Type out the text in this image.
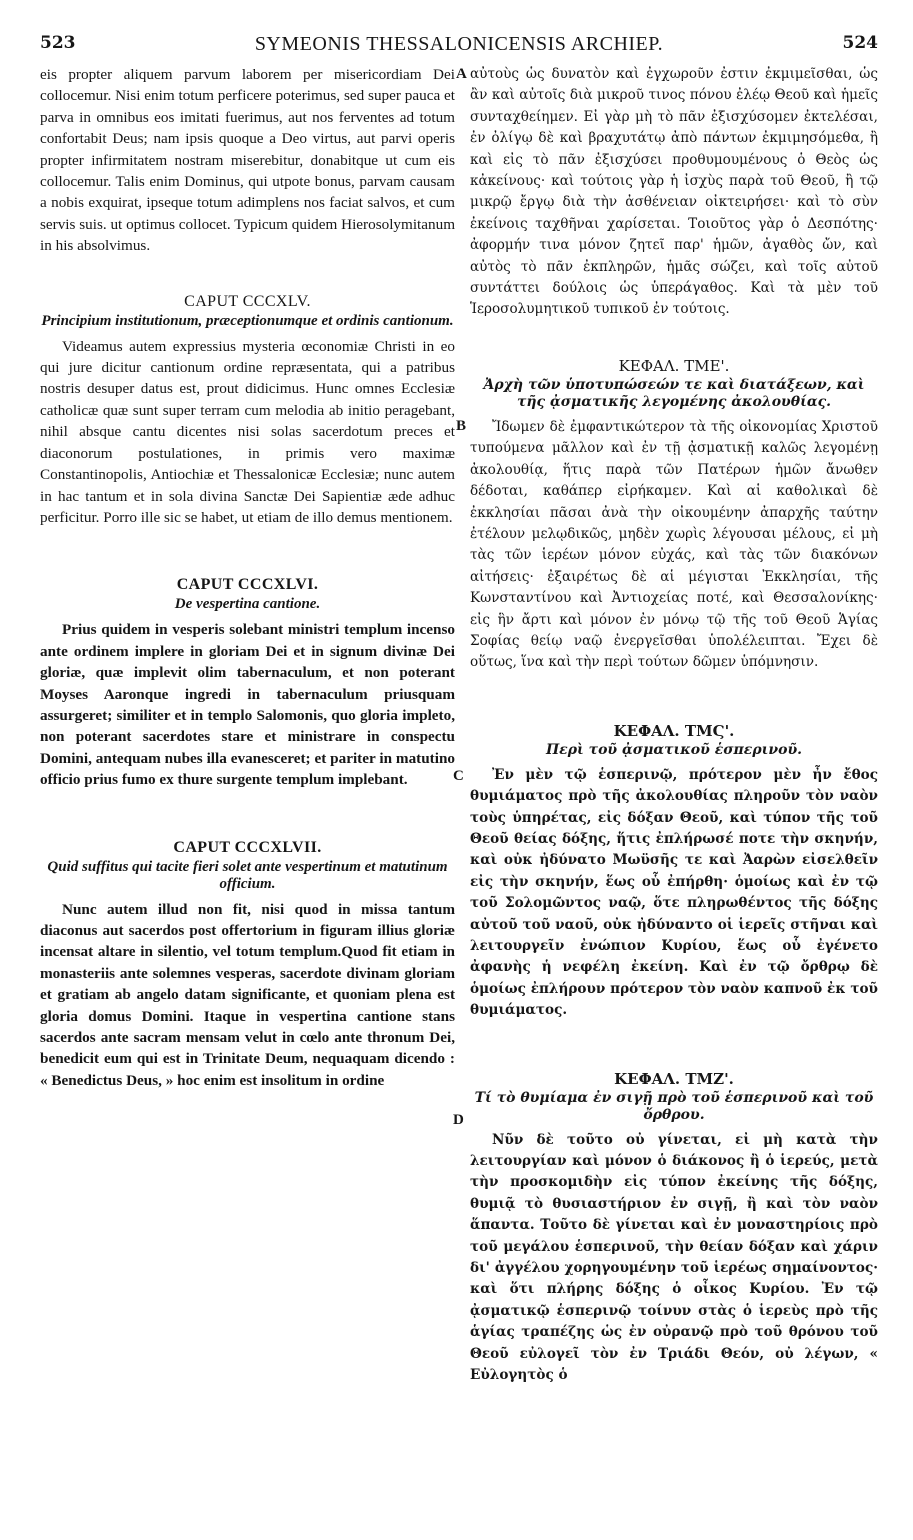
523	SYMEONIS THESSALONICENSIS ARCHIEP.	524
A
B
C
D

eis propter aliquem parvum laborem per misericordiam Dei collocemur. Nisi enim totum perficere poterimus, sed super pauca et parva in omnibus eos imitati fuerimus, aut nos ferventes ad totum confortabit Deus; nam ipsis quoque a Deo virtus, aut parvi operis propter infirmitatem nostram miserebitur, donabitque ut cum eis collocemur. Talis enim Dominus, qui utpote bonus, parvam causam a nobis exquirat, ipseque totum adimplens nos faciat salvos, et cum servis suis. ut optimus collocet. Typicum quidem Hierosolymitanum in his absolvimus.

CAPUT CCCXLV.
Principium institutionum, præceptionumque et ordinis cantionum.

Videamus autem expressius mysteria œconomiæ Christi in eo qui jure dicitur cantionum ordine repræsentata, qui a patribus nostris desuper datus est, prout didicimus. Hunc omnes Ecclesiæ catholicæ quæ sunt super terram cum melodia ab initio peragebant, nihil absque cantu dicentes nisi solas sacerdotum preces et diaconorum postulationes, in primis vero maximæ Constantinopolis, Antiochiæ et Thessalonicæ Ecclesiæ; nunc autem in hac tantum et in sola divina Sanctæ Dei Sapientiæ æde adhuc perficitur. Porro ille sic se habet, ut etiam de illo demus mentionem.

CAPUT CCCXLVI.
De vespertina cantione.

Prius quidem in vesperis solebant ministri templum incenso ante ordinem implere in gloriam Dei et in signum divinæ Dei gloriæ, quæ implevit olim tabernaculum, et non poterant Moyses Aaronque ingredi in tabernaculum priusquam assurgeret; similiter et in templo Salomonis, quo gloria impleto, non poterant sacerdotes stare et ministrare in conspectu Domini, antequam nubes illa evanesceret; et pariter in matutino officio prius fumo ex thure surgente templum implebant.

CAPUT CCCXLVII.
Quid suffitus qui tacite fieri solet ante vespertinum et matutinum officium.

Nunc autem illud non fit, nisi quod in missa tantum diaconus aut sacerdos post offertorium in figuram illius gloriæ incensat altare in silentio, vel totum templum.Quod fit etiam in monasteriis ante solemnes vesperas, sacerdote divinam gloriam et gratiam ab angelo datam significante, et quoniam plena est gloria domus Domini. Itaque in vespertina cantione stans sacerdos ante sacram mensam velut in cœlo ante thronum Dei, benedicit eum qui est in Trinitate Deum, nequaquam dicendo : « Benedictus Deus, » hoc enim est insolitum in ordine

αὐτοὺς ὡς δυνατὸν καὶ ἐγχωροῦν ἐστιν ἐκμιμεῖσθαι, ὡς ἂν καὶ αὐτοῖς διὰ μικροῦ τινος πόνου ἐλέῳ Θεοῦ καὶ ἡμεῖς συνταχθείημεν. Εἰ γὰρ μὴ τὸ πᾶν ἐξισχύσομεν ἐκτελέσαι, ἐν ὀλίγῳ δὲ καὶ βραχυτάτῳ ἀπὸ πάντων ἐκμιμησόμεθα, ἢ καὶ εἰς τὸ πᾶν ἐξισχύσει προθυμουμένους ὁ Θεὸς ὡς κἀκείνους· καὶ τούτοις γὰρ ἡ ἰσχὺς παρὰ τοῦ Θεοῦ, ἢ τῷ μικρῷ ἔργῳ διὰ τὴν ἀσθένειαν οἰκτειρήσει· καὶ τὸ σὺν ἐκείνοις ταχθῆναι χαρίσεται. Τοιοῦτος γὰρ ὁ Δεσπότης· ἀφορμήν τινα μόνον ζητεῖ παρ' ἡμῶν, ἀγαθὸς ὤν, καὶ αὐτὸς τὸ πᾶν ἐκπληρῶν, ἡμᾶς σώζει, καὶ τοῖς αὐτοῦ συντάττει δούλοις ὡς ὑπεράγαθος. Καὶ τὰ μὲν τοῦ Ἱεροσολυμητικοῦ τυπικοῦ ἐν τούτοις.

ΚΕΦΑΛ. ΤΜΕ'.
Ἀρχὴ τῶν ὑποτυπώσεών τε καὶ διατάξεων, καὶ τῆς ᾀσματικῆς λεγομένης ἀκολουθίας.

Ἴδωμεν δὲ ἐμφαντικώτερον τὰ τῆς οἰκονομίας Χριστοῦ τυπούμενα μᾶλλον καὶ ἐν τῇ ᾀσματικῇ καλῶς λεγομένῃ ἀκολουθίᾳ, ἥτις παρὰ τῶν Πατέρων ἡμῶν ἄνωθεν δέδοται, καθάπερ εἰρήκαμεν. Καὶ αἱ καθολικαὶ δὲ ἐκκλησίαι πᾶσαι ἀνὰ τὴν οἰκουμένην ἀπαρχῆς ταύτην ἐτέλουν μελῳδικῶς, μηδὲν χωρὶς λέγουσαι μέλους, εἰ μὴ τὰς τῶν ἱερέων μόνον εὐχάς, καὶ τὰς τῶν διακόνων αἰτήσεις· ἐξαιρέτως δὲ αἱ μέγισται Ἐκκλησίαι, τῆς Κωνσταντίνου καὶ Ἀντιοχείας ποτέ, καὶ Θεσσαλονίκης· εἰς ἣν ἄρτι καὶ μόνον ἐν μόνῳ τῷ τῆς τοῦ Θεοῦ Ἁγίας Σοφίας θείῳ ναῷ ἐνεργεῖσθαι ὑπολέλειπται. Ἔχει δὲ οὕτως, ἵνα καὶ τὴν περὶ τούτων δῶμεν ὑπόμνησιν.

ΚΕΦΑΛ. ΤΜϚ'.
Περὶ τοῦ ᾀσματικοῦ ἑσπερινοῦ.

Ἐν μὲν τῷ ἑσπερινῷ, πρότερον μὲν ἦν ἔθος θυμιάματος πρὸ τῆς ἀκολουθίας πληροῦν τὸν ναὸν τοὺς ὑπηρέτας, εἰς δόξαν Θεοῦ, καὶ τύπον τῆς τοῦ Θεοῦ θείας δόξης, ἥτις ἐπλήρωσέ ποτε τὴν σκηνήν, καὶ οὐκ ἠδύνατο Μωϋσῆς τε καὶ Ἀαρὼν εἰσελθεῖν εἰς τὴν σκηνήν, ἕως οὗ ἐπήρθη· ὁμοίως καὶ ἐν τῷ τοῦ Σολομῶντος ναῷ, ὅτε πληρωθέντος τῆς δόξης αὐτοῦ τοῦ ναοῦ, οὐκ ἠδύναντο οἱ ἱερεῖς στῆναι καὶ λειτουργεῖν ἐνώπιον Κυρίου, ἕως οὗ ἐγένετο ἀφανὴς ἡ νεφέλη ἐκείνη. Καὶ ἐν τῷ ὄρθρῳ δὲ ὁμοίως ἐπλήρουν πρότερον τὸν ναὸν καπνοῦ ἐκ τοῦ θυμιάματος.

ΚΕΦΑΛ. ΤΜΖ'.
Τί τὸ θυμίαμα ἐν σιγῇ πρὸ τοῦ ἑσπερινοῦ καὶ τοῦ ὄρθρου.

Νῦν δὲ τοῦτο οὐ γίνεται, εἰ μὴ κατὰ τὴν λειτουργίαν καὶ μόνον ὁ διάκονος ἢ ὁ ἱερεύς, μετὰ τὴν προσκομιδὴν εἰς τύπον ἐκείνης τῆς δόξης, θυμιᾷ τὸ θυσιαστήριον ἐν σιγῇ, ἢ καὶ τὸν ναὸν ἅπαντα. Τοῦτο δὲ γίνεται καὶ ἐν μοναστηρίοις πρὸ τοῦ μεγάλου ἑσπερινοῦ, τὴν θείαν δόξαν καὶ χάριν δι' ἀγγέλου χορηγουμένην τοῦ ἱερέως σημαίνοντος· καὶ ὅτι πλήρης δόξης ὁ οἶκος Κυρίου. Ἐν τῷ ᾀσματικῷ ἑσπερινῷ τοίνυν στὰς ὁ ἱερεὺς πρὸ τῆς ἁγίας τραπέζης ὡς ἐν οὐρανῷ πρὸ τοῦ θρόνου τοῦ Θεοῦ εὐλογεῖ τὸν ἐν Τριάδι Θεόν, οὐ λέγων, « Εὐλογητὸς ὁ
